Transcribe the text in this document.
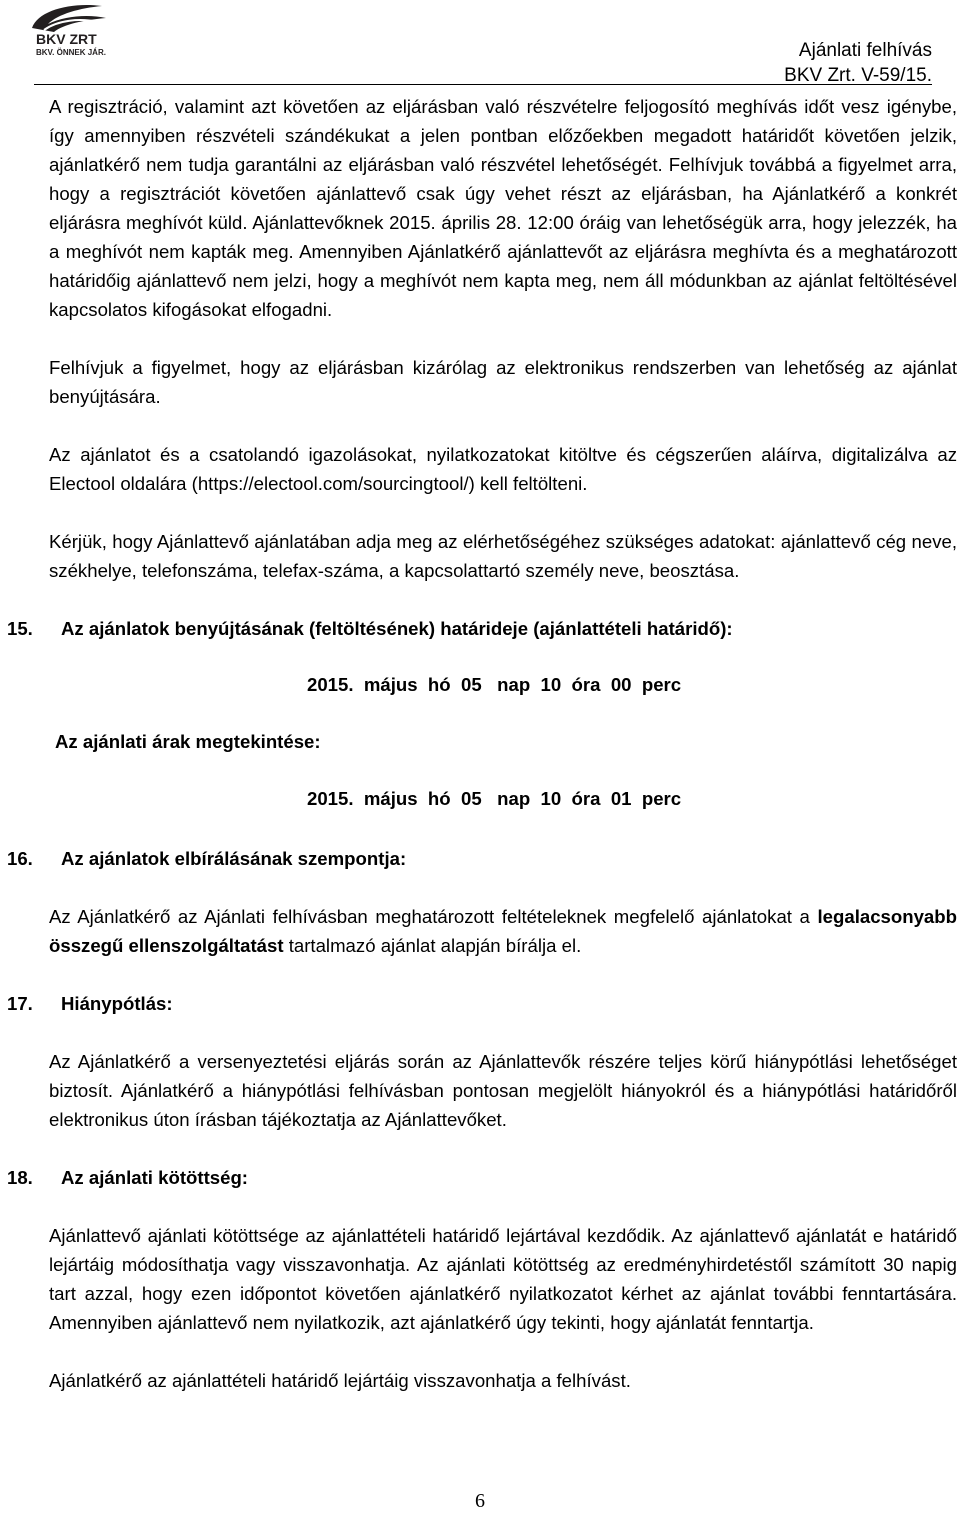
BKV ZRT
BKV. ÖNNEK JÁR.	Ajánlati felhívás
BKV Zrt. V-59/15.

A regisztráció, valamint azt követően az eljárásban való részvételre feljogosító meghívás időt vesz igénybe, így amennyiben részvételi szándékukat a jelen pontban előzőekben megadott határidőt követően jelzik, ajánlatkérő nem tudja garantálni az eljárásban való részvétel lehetőségét. Felhívjuk továbbá a figyelmet arra, hogy a regisztrációt követően ajánlattevő csak úgy vehet részt az eljárásban, ha Ajánlatkérő a konkrét eljárásra meghívót küld. Ajánlattevőknek 2015. április 28. 12:00 óráig van lehetőségük arra, hogy jelezzék, ha a meghívót nem kapták meg. Amennyiben Ajánlatkérő ajánlattevőt az eljárásra meghívta és a meghatározott határidőig ajánlattevő nem jelzi, hogy a meghívót nem kapta meg, nem áll módunkban az ajánlat feltöltésével kapcsolatos kifogásokat elfogadni.

Felhívjuk a figyelmet, hogy az eljárásban kizárólag az elektronikus rendszerben van lehetőség az ajánlat benyújtására.

Az ajánlatot és a csatolandó igazolásokat, nyilatkozatokat kitöltve és cégszerűen aláírva, digitalizálva az Electool oldalára (https://electool.com/sourcingtool/) kell feltölteni.

Kérjük, hogy Ajánlattevő ajánlatában adja meg az elérhetőségéhez szükséges adatokat: ajánlattevő cég neve, székhelye, telefonszáma, telefax-száma, a kapcsolattartó személy neve, beosztása.

15. Az ajánlatok benyújtásának (feltöltésének) határideje (ajánlattételi határidő):
2015.  május  hó  05   nap  10  óra  00  perc
Az ajánlati árak megtekintése:
2015.  május  hó  05   nap  10  óra  01  perc
16. Az ajánlatok elbírálásának szempontja:

Az Ajánlatkérő az Ajánlati felhívásban meghatározott feltételeknek megfelelő ajánlatokat a legalacsonyabb összegű ellenszolgáltatást tartalmazó ajánlat alapján bírálja el.

17. Hiánypótlás:

Az Ajánlatkérő a versenyeztetési eljárás során az Ajánlattevők részére teljes körű hiánypótlási lehetőséget biztosít. Ajánlatkérő a hiánypótlási felhívásban pontosan megjelölt hiányokról és a hiánypótlási határidőről elektronikus úton írásban tájékoztatja az Ajánlattevőket.

18. Az ajánlati kötöttség:

Ajánlattevő ajánlati kötöttsége az ajánlattételi határidő lejártával kezdődik. Az ajánlattevő ajánlatát e határidő lejártáig módosíthatja vagy visszavonhatja. Az ajánlati kötöttség az eredményhirdetéstől számított 30 napig tart azzal, hogy ezen időpontot követően ajánlatkérő nyilatkozatot kérhet az ajánlat további fenntartására. Amennyiben ajánlattevő nem nyilatkozik, azt ajánlatkérő úgy tekinti, hogy ajánlatát fenntartja.

Ajánlatkérő az ajánlattételi határidő lejártáig visszavonhatja a felhívást.

6
